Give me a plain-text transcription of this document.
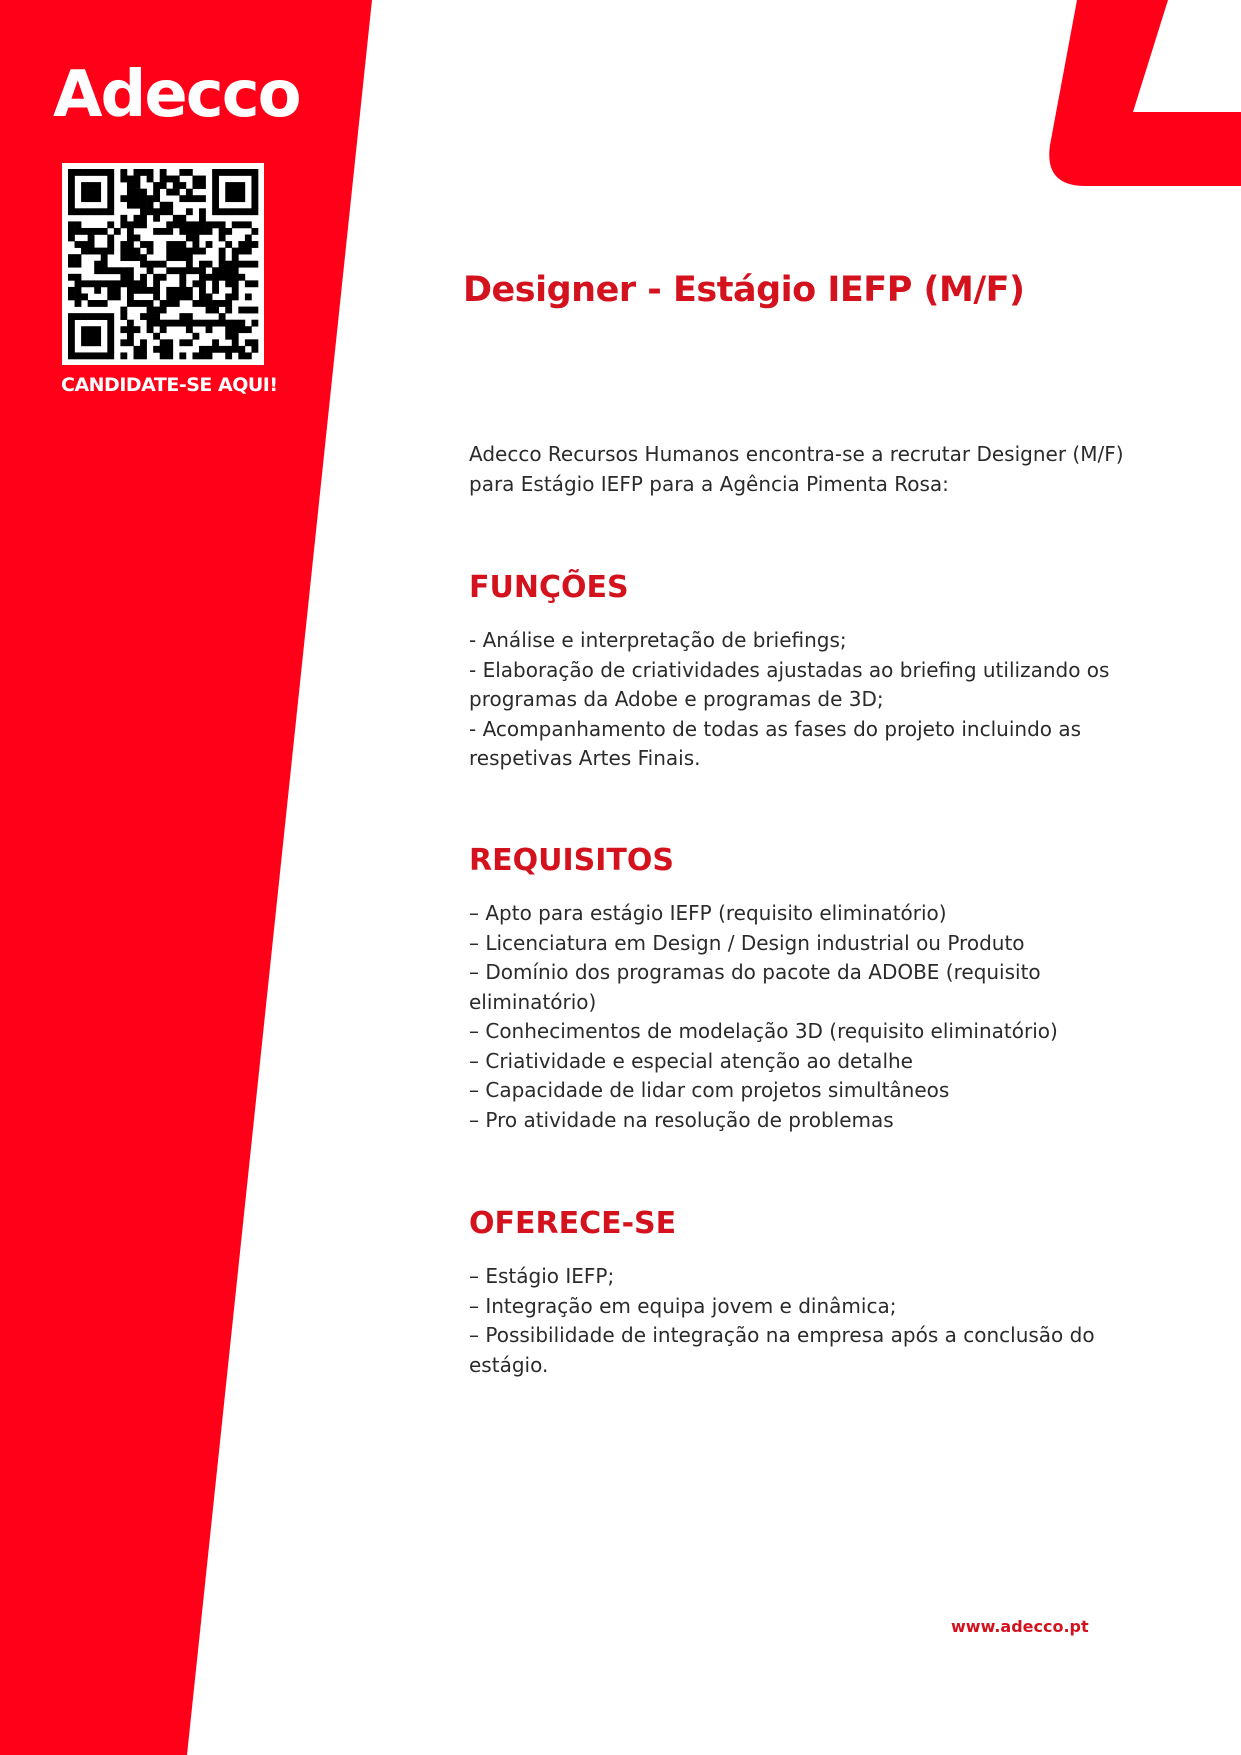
Adecco
CANDIDATE-SE AQUI!
Designer - Estágio IEFP (M/F)

Adecco Recursos Humanos encontra-se a recrutar Designer (M/F) para Estágio IEFP para a Agência Pimenta Rosa:

FUNÇÕES
- Análise e interpretação de briefings;
- Elaboração de criatividades ajustadas ao briefing utilizando os programas da Adobe e programas de 3D;
- Acompanhamento de todas as fases do projeto incluindo as respetivas Artes Finais.
REQUISITOS
– Apto para estágio IEFP (requisito eliminatório)
– Licenciatura em Design / Design industrial ou Produto
– Domínio dos programas do pacote da ADOBE (requisito eliminatório)
– Conhecimentos de modelação 3D (requisito eliminatório)
– Criatividade e especial atenção ao detalhe
– Capacidade de lidar com projetos simultâneos
– Pro atividade na resolução de problemas
OFERECE-SE
– Estágio IEFP;
– Integração em equipa jovem e dinâmica;
– Possibilidade de integração na empresa após a conclusão do estágio.
www.adecco.pt
